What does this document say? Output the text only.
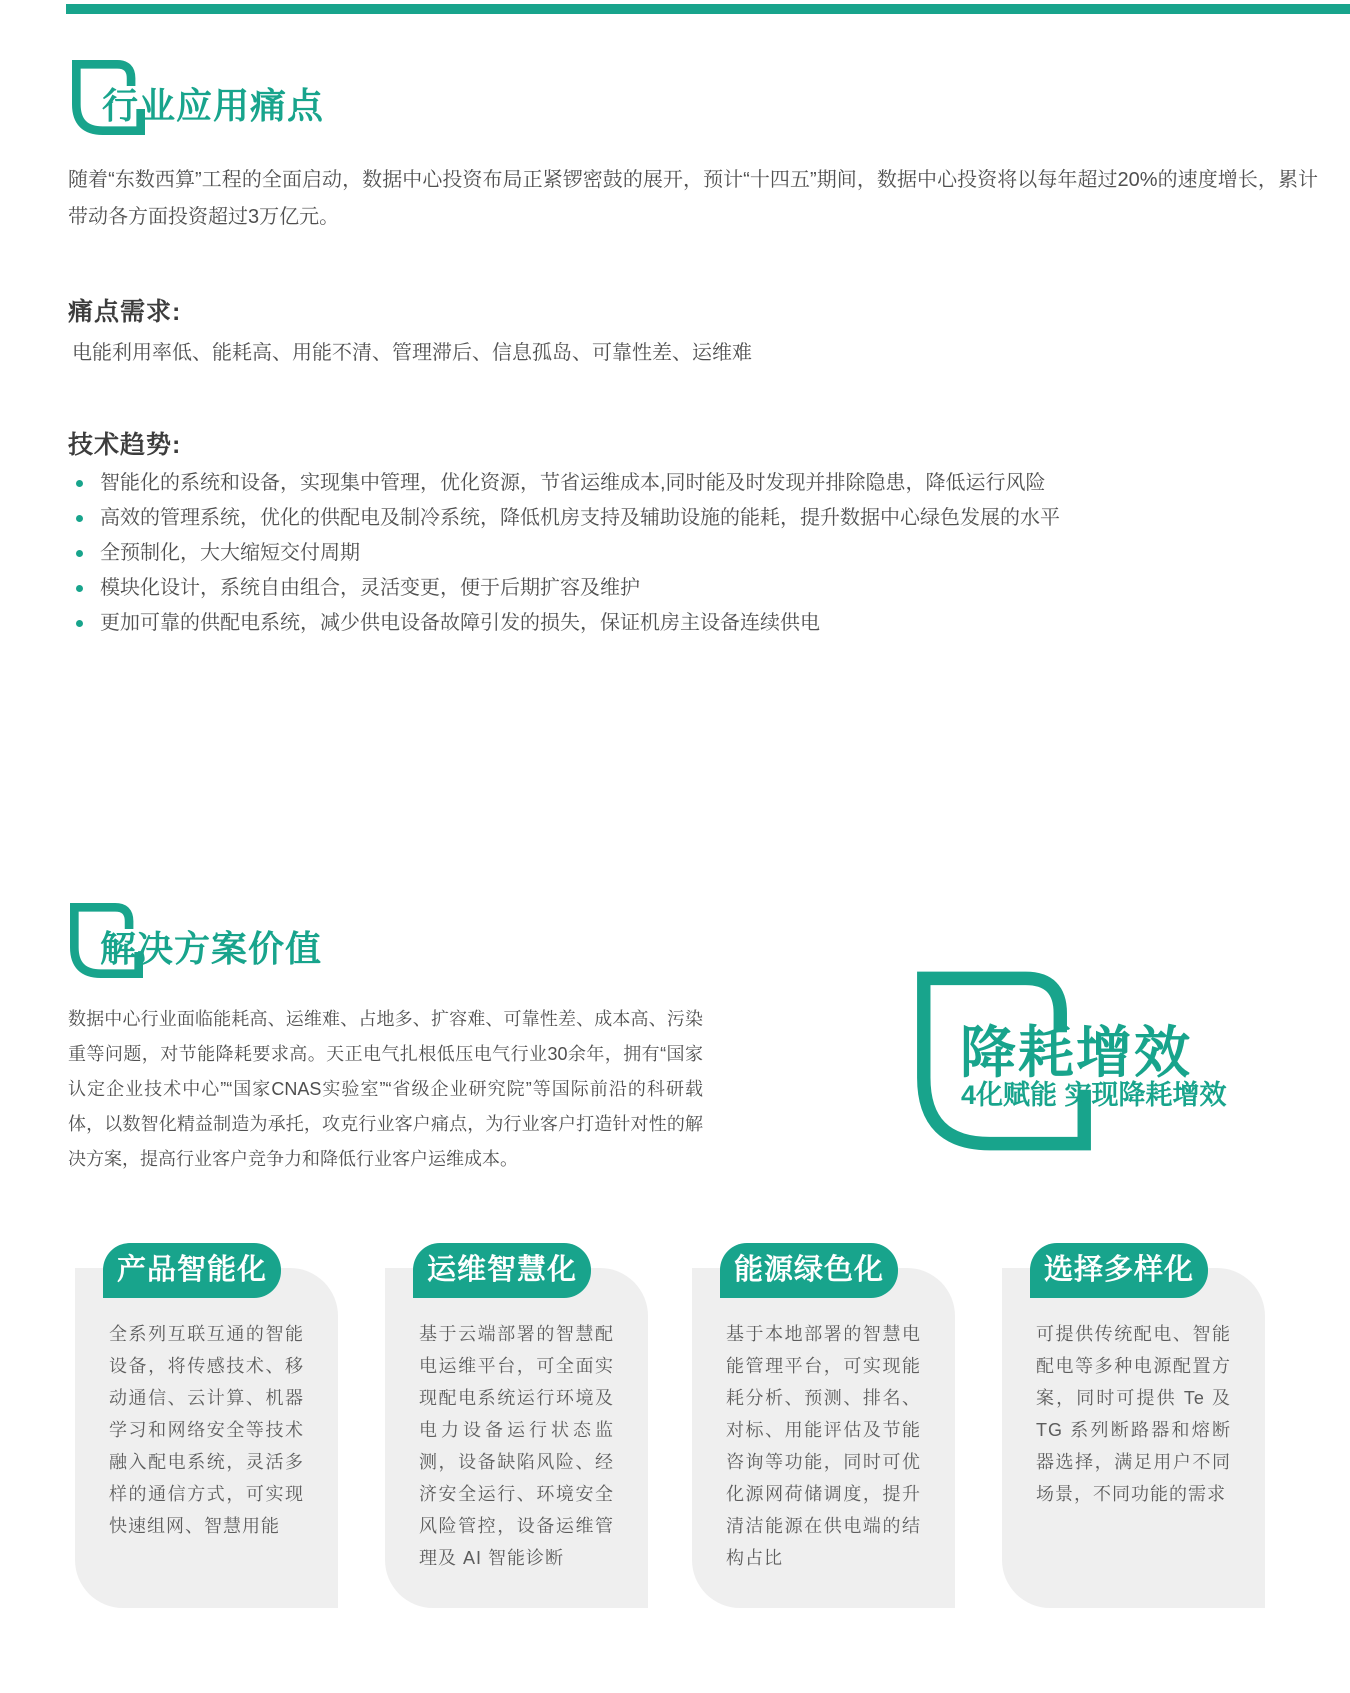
行业应用痛点
随着“东数西算”工程的全面启动，数据中心投资布局正紧锣密鼓的展开，预计“十四五”期间，数据中心投资将以每年超过20%的速度增长，累计带动各方面投资超过3万亿元。
痛点需求:
电能利用率低、能耗高、用能不清、管理滞后、信息孤岛、可靠性差、运维难
技术趋势:
智能化的系统和设备，实现集中管理，优化资源，节省运维成本,同时能及时发现并排除隐患，降低运行风险
高效的管理系统，优化的供配电及制冷系统，降低机房支持及辅助设施的能耗，提升数据中心绿色发展的水平
全预制化，大大缩短交付周期
模块化设计，系统自由组合，灵活变更，便于后期扩容及维护
更加可靠的供配电系统，减少供电设备故障引发的损失，保证机房主设备连续供电
解决方案价值
数据中心行业面临能耗高、运维难、占地多、扩容难、可靠性差、成本高、污染重等问题，对节能降耗要求高。天正电气扎根低压电气行业30余年，拥有“国家认定企业技术中心”“国家CNAS实验室”“省级企业研究院”等国际前沿的科研载体，以数智化精益制造为承托，攻克行业客户痛点，为行业客户打造针对性的解决方案，提高行业客户竞争力和降低行业客户运维成本。
降耗增效
4化赋能 实现降耗增效
产品智能化
全系列互联互通的智能设备，将传感技术、移动通信、云计算、机器学习和网络安全等技术融入配电系统，灵活多样的通信方式，可实现快速组网、智慧用能
运维智慧化
基于云端部署的智慧配电运维平台，可全面实现配电系统运行环境及电力设备运行状态监测，设备缺陷风险、经济安全运行、环境安全风险管控，设备运维管理及 AI 智能诊断
能源绿色化
基于本地部署的智慧电能管理平台，可实现能耗分析、预测、排名、对标、用能评估及节能咨询等功能，同时可优化源网荷储调度，提升清洁能源在供电端的结构占比
选择多样化
可提供传统配电、智能配电等多种电源配置方案，同时可提供 Te 及 TG 系列断路器和熔断器选择，满足用户不同场景，不同功能的需求
